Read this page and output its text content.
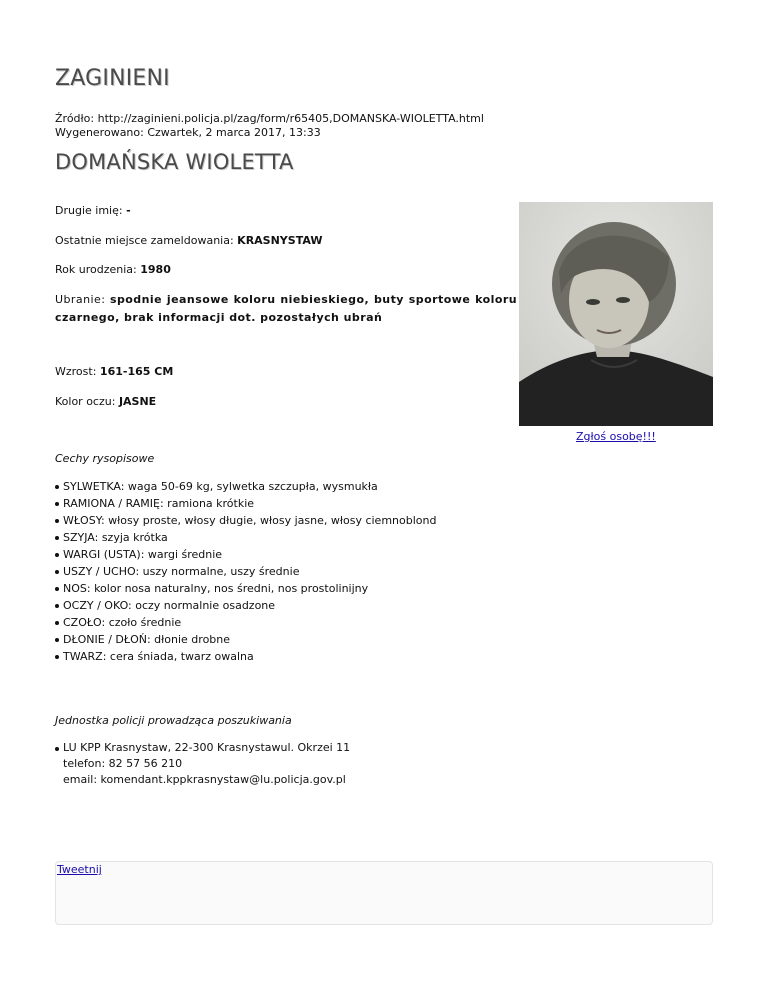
ZAGINIENI
Źródło: http://zaginieni.policja.pl/zag/form/r65405,DOMANSKA-WIOLETTA.html
Wygenerowano: Czwartek, 2 marca 2017, 13:33
DOMAŃSKA WIOLETTA
Drugie imię: -
Ostatnie miejsce zameldowania: KRASNYSTAW
Rok urodzenia: 1980
Ubranie: spodnie jeansowe koloru niebieskiego, buty sportowe koloru czarnego, brak informacji dot. pozostałych ubrań
Wzrost: 161-165 CM
Kolor oczu: JASNE
Zgłoś osobę!!!
Cechy rysopisowe
SYLWETKA: waga 50-69 kg, sylwetka szczupła, wysmukła
RAMIONA / RAMIĘ: ramiona krótkie
WŁOSY: włosy proste, włosy długie, włosy jasne, włosy ciemnoblond
SZYJA: szyja krótka
WARGI (USTA): wargi średnie
USZY / UCHO: uszy normalne, uszy średnie
NOS: kolor nosa naturalny, nos średni, nos prostolinijny
OCZY / OKO: oczy normalnie osadzone
CZOŁO: czoło średnie
DŁONIE / DŁOŃ: dłonie drobne
TWARZ: cera śniada, twarz owalna
Jednostka policji prowadząca poszukiwania
LU KPP Krasnystaw, 22-300 Krasnystawul. Okrzei 11
telefon: 82 57 56 210
email: komendant.kppkrasnystaw@lu.policja.gov.pl
Tweetnij
